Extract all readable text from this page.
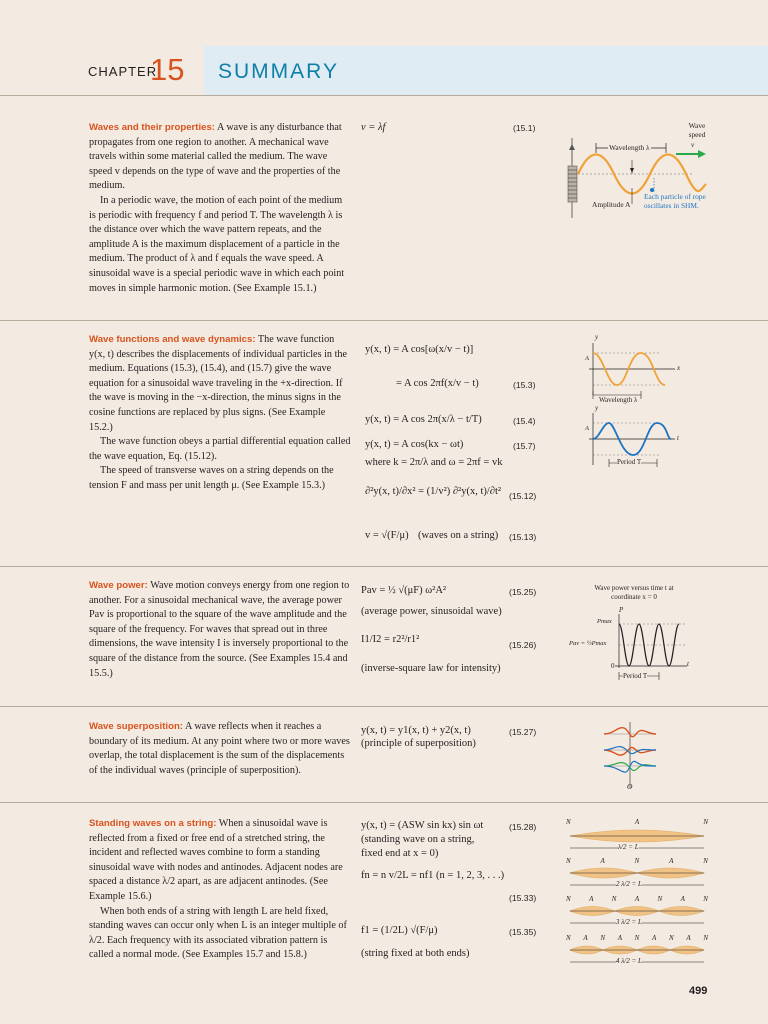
CHAPTER
15 SUMMARY

Waves and their properties: A wave is any disturbance that propagates from one region to another. A mechanical wave travels within some material called the medium. The wave speed v depends on the type of wave and the properties of the medium.

In a periodic wave, the motion of each point of the medium is periodic with frequency f and period T. The wavelength λ is the distance over which the wave pattern repeats, and the amplitude A is the maximum displacement of a particle in the medium. The product of λ and f equals the wave speed. A sinusoidal wave is a special periodic wave in which each point moves in simple harmonic motion. (See Example 15.1.)

v = λf	(15.1)	Wave speed
v
Wavelength λ
Amplitude A
Each particle of rope oscillates in SHM.

Wave functions and wave dynamics: The wave function y(x, t) describes the displacements of individual particles in the medium. Equations (15.3), (15.4), and (15.7) give the wave equation for a sinusoidal wave traveling in the +x-direction. If the wave is moving in the −x-direction, the minus signs in the cosine functions are replaced by plus signs. (See Example 15.2.)

The wave function obeys a partial differential equation called the wave equation, Eq. (15.12).

The speed of transverse waves on a string depends on the tension F and mass per unit length μ. (See Example 15.3.)

y(x, t) = A cos[ω(x/v − t)]
= A cos 2πf(x/v − t)	(15.3)
y(x, t) = A cos 2π(x/λ − t/T)	(15.4)
y(x, t) = A cos(kx − ωt)	(15.7)
where k = 2π/λ and ω = 2πf = vk
∂²y(x, t)/∂x² = (1/v²) ∂²y(x, t)/∂t² (15.12)
v = √(F/μ) (waves on a string) (15.13)
y
x
A
Wavelength λ
y
A
t
Period T

Wave power: Wave motion conveys energy from one region to another. For a sinusoidal mechanical wave, the average power Pav is proportional to the square of the wave amplitude and the square of the frequency. For waves that spread out in three dimensions, the wave intensity I is inversely proportional to the square of the distance from the source. (See Examples 15.4 and 15.5.)

Pav = ½ √(μF) ω²A²	(15.25)
(average power, sinusoidal wave)
I1/I2 = r2²/r1²	(15.26)
(inverse-square law for intensity)
Wave power versus time t at coordinate x = 0
P
Pmax
Pav = ½Pmax
0	t
Period T

Wave superposition: A wave reflects when it reaches a boundary of its medium. At any point where two or more waves overlap, the total displacement is the sum of the displacements of the individual waves (principle of superposition).

y(x, t) = y1(x, t) + y2(x, t)	(15.27)
(principle of superposition)
O

Standing waves on a string: When a sinusoidal wave is reflected from a fixed or free end of a stretched string, the incident and reflected waves combine to form a standing sinusoidal wave with nodes and antinodes. Adjacent nodes are spaced a distance λ/2 apart, as are adjacent antinodes. (See Example 15.6.)

When both ends of a string with length L are held fixed, standing waves can occur only when L is an integer multiple of λ/2. Each frequency with its associated vibration pattern is called a normal mode. (See Examples 15.7 and 15.8.)

y(x, t) = (ASW sin kx) sin ωt	(15.28)
(standing wave on a string,
fixed end at x = 0)
fn = n v/2L = nf1 (n = 1, 2, 3, . . .)
(15.33)
f1 = (1/2L) √(F/μ)	(15.35)
(string fixed at both ends)
N	A	N
λ/2 = L
N	A	N	A	N
2 λ/2 = L
N	A	N	A	N	A	N
3 λ/2 = L
N A N A N A N A N
4 λ/2 = L
499
